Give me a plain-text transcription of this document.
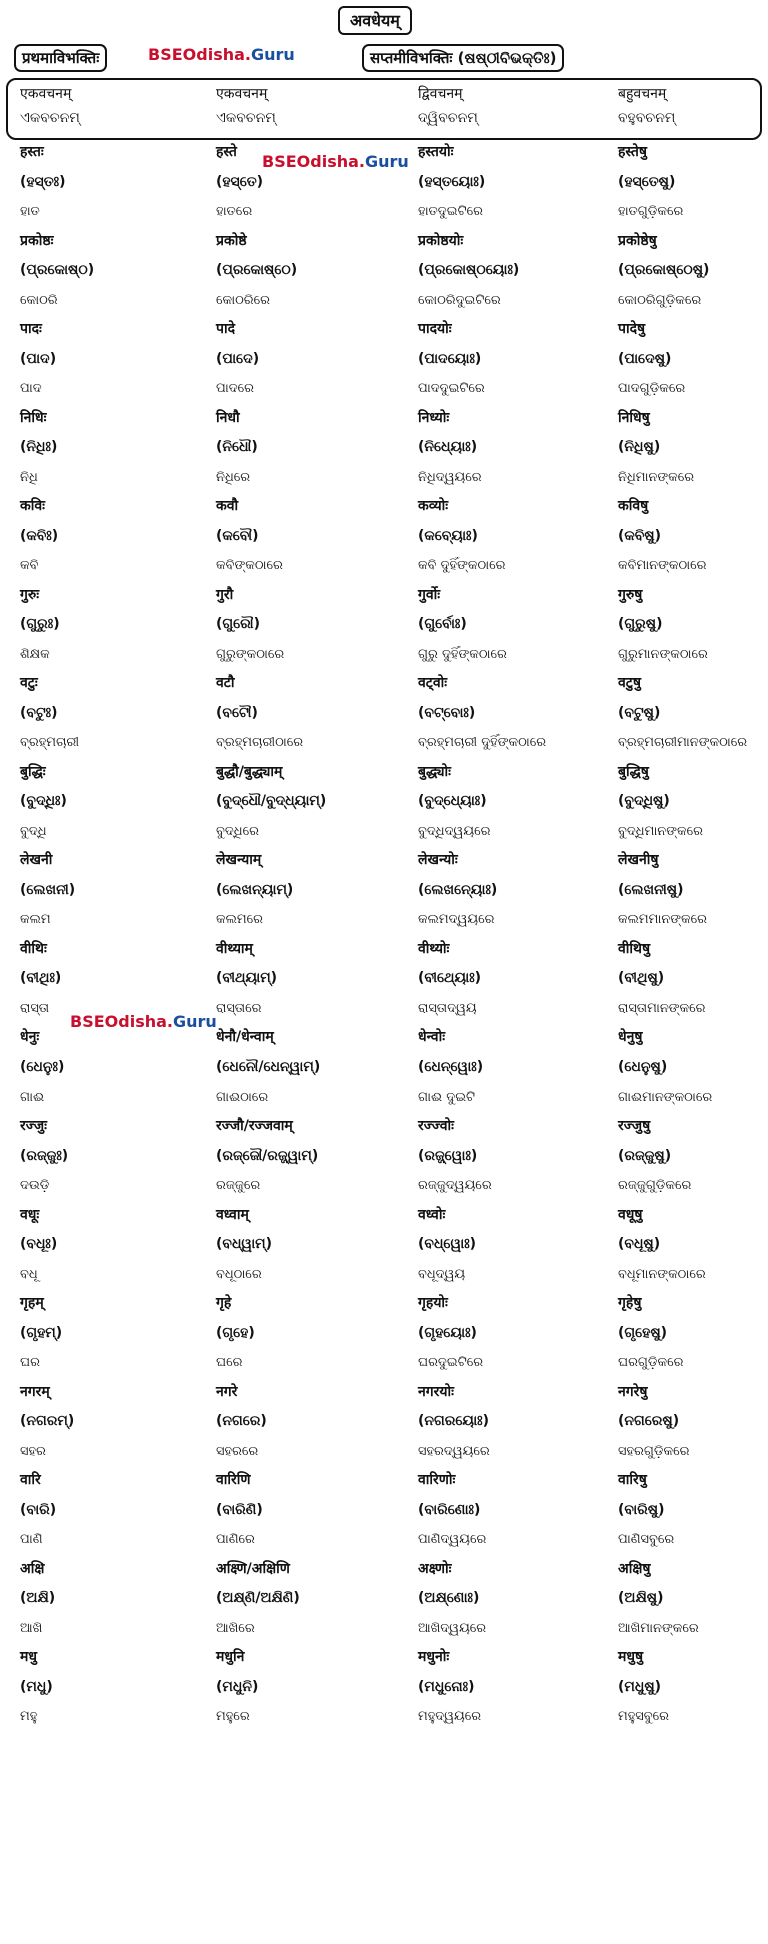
अवधेयम्
प्रथमाविभक्तिः	BSEOdisha.Guru	सप्तमीविभक्तिः (ଷଷ୍ଠୀବିଭକ୍ତିଃ)
एकवचनम्	एकवचनम्	द्विवचनम्	बहुवचनम्
ଏକବଚନମ୍	ଏକବଚନମ୍	ଦ୍ୱିବଚନମ୍	ବହୁବଚନମ୍
BSEOdisha.Guru
BSEOdisha.Guru
हस्तः	हस्ते	हस्तयोः	हस्तेषु
(ହସ୍ତଃ)	(ହସ୍ତେ)	(ହସ୍ତୟୋଃ)	(ହସ୍ତେଷୁ)
ହାତ	ହାତରେ	ହାତଦୁଇଟିରେ	ହାତଗୁଡ଼ିକରେ
प्रकोष्ठः	प्रकोष्ठे	प्रकोष्ठयोः	प्रकोष्ठेषु
(ପ୍ରକୋଷ୍ଠ)	(ପ୍ରକୋଷ୍ଠେ)	(ପ୍ରକୋଷ୍ଠୟୋଃ)	(ପ୍ରକୋଷ୍ଠେଷୁ)
କୋଠରି	କୋଠରିରେ	କୋଠରିଦୁଇଟିରେ	କୋଠରିଗୁଡ଼ିକରେ
पादः	पादे	पादयोः	पादेषु
(ପାଦ)	(ପାଦେ)	(ପାଦୟୋଃ)	(ପାଦେଷୁ)
ପାଦ	ପାଦରେ	ପାଦଦୁଇଟିରେ	ପାଦଗୁଡ଼ିକରେ
निधिः	निधौ	निध्योः	निधिषु
(ନିଧିଃ)	(ନିଧୌ)	(ନିଧ୍ୟୋଃ)	(ନିଧିଷୁ)
ନିଧି	ନିଧିରେ	ନିଧିଦ୍ୱୟରେ	ନିଧିମାନଙ୍କରେ
कविः	कवौ	कव्योः	कविषु
(କବିଃ)	(କବୌ)	(କବ୍ୟୋଃ)	(କବିଷୁ)
କବି	କବିଙ୍କଠାରେ	କବି ଦୁହିଁଙ୍କଠାରେ	କବିମାନଙ୍କଠାରେ
गुरुः	गुरौ	गुर्वोः	गुरुषु
(ଗୁରୁଃ)	(ଗୁରୌ)	(ଗୁର୍ବୋଃ)	(ଗୁରୁଷୁ)
ଶିକ୍ଷକ	ଗୁରୁଙ୍କଠାରେ	ଗୁରୁ ଦୁହିଁଙ୍କଠାରେ	ଗୁରୁମାନଙ୍କଠାରେ
वटुः	वटौ	वट्वोः	वटुषु
(ବଟୁଃ)	(ବଟୌ)	(ବଟ୍ବୋଃ)	(ବଟୁଷୁ)
ବ୍ରହ୍ମଚାରୀ	ବ୍ରହ୍ମଚାରୀଠାରେ	ବ୍ରହ୍ମଚାରୀ ଦୁହିଁଙ୍କଠାରେ	ବ୍ରହ୍ମଚାରୀମାନଙ୍କଠାରେ
बुद्धिः	बुद्धौ/बुद्ध्याम्	बुद्ध्योः	बुद्धिषु
(ବୁଦ୍ଧିଃ)	(ବୁଦ୍ଧୌ/ବୁଦ୍ଧ୍ୟାମ୍)	(ବୁଦ୍ଧ୍ୟୋଃ)	(ବୁଦ୍ଧିଷୁ)
ବୁଦ୍ଧି	ବୁଦ୍ଧିରେ	ବୁଦ୍ଧିଦ୍ୱୟରେ	ବୁଦ୍ଧିମାନଙ୍କରେ
लेखनी	लेखन्याम्	लेखन्योः	लेखनीषु
(ଲେଖନୀ)	(ଲେଖନ୍ୟାମ୍)	(ଲେଖନ୍ୟୋଃ)	(ଲେଖନୀଷୁ)
କଲମ	କଲମରେ	କଲମଦ୍ୱୟରେ	କଲମମାନଙ୍କରେ
वीथिः	वीथ्याम्	वीथ्योः	वीथिषु
(ବୀଥିଃ)	(ବୀଥ୍ୟାମ୍)	(ବୀଥ୍ୟୋଃ)	(ବୀଥିଷୁ)
ରାସ୍ତା	ରାସ୍ତାରେ	ରାସ୍ତାଦ୍ୱୟ	ରାସ୍ତାମାନଙ୍କରେ
धेनुः	धेनौ/धेन्वाम्	धेन्वोः	धेनुषु
(ଧେନୁଃ)	(ଧେନୌ/ଧେନ୍ୱାମ୍)	(ଧେନ୍ୱୋଃ)	(ଧେନୁଷୁ)
ଗାଈ	ଗାଈଠାରେ	ଗାଈ ଦୁଇଟି	ଗାଈମାନଙ୍କଠାରେ
रज्जुः	रज्जौ/रज्जवाम्	रज्ज्वोः	रज्जुषु
(ରଜ୍ଜୁଃ)	(ରଜ୍ଜୌ/ରଜ୍ଜ୍ୱାମ୍)	(ରଜ୍ଜ୍ୱୋଃ)	(ରଜ୍ଜୁଷୁ)
ଦଉଡ଼ି	ରଜ୍ଜୁରେ	ରଜ୍ଜୁଦ୍ୱୟରେ	ରଜ୍ଜୁଗୁଡ଼ିକରେ
वधूः	वध्वाम्	वध्वोः	वधूषु
(ବଧୂଃ)	(ବଧ୍ୱାମ୍)	(ବଧ୍ୱୋଃ)	(ବଧୂଷୁ)
ବଧୂ	ବଧୂଠାରେ	ବଧୂଦ୍ୱୟ	ବଧୂମାନଙ୍କଠାରେ
गृहम्	गृहे	गृहयोः	गृहेषु
(ଗୃହମ୍)	(ଗୃହେ)	(ଗୃହୟୋଃ)	(ଗୃହେଷୁ)
ଘର	ଘରେ	ଘରଦୁଇଟିରେ	ଘରଗୁଡ଼ିକରେ
नगरम्	नगरे	नगरयोः	नगरेषु
(ନଗରମ୍)	(ନଗରେ)	(ନଗରୟୋଃ)	(ନଗରେଷୁ)
ସହର	ସହରରେ	ସହରଦ୍ୱୟରେ	ସହରଗୁଡ଼ିକରେ
वारि	वारिणि	वारिणोः	वारिषु
(ବାରି)	(ବାରିଣି)	(ବାରିଣୋଃ)	(ବାରିଷୁ)
ପାଣି	ପାଣିରେ	ପାଣିଦ୍ୱୟରେ	ପାଣିସବୁରେ
अक्षि	अक्ष्णि/अक्षिणि	अक्ष्णोः	अक्षिषु
(ଅକ୍ଷି)	(ଅକ୍ଷ୍ଣି/ଅକ୍ଷିଣି)	(ଅକ୍ଷ୍ଣୋଃ)	(ଅକ୍ଷିଷୁ)
ଆଖି	ଆଖିରେ	ଆଖିଦ୍ୱୟରେ	ଆଖିମାନଙ୍କରେ
मधु	मधुनि	मधुनोः	मधुषु
(ମଧୁ)	(ମଧୁନି)	(ମଧୁନୋଃ)	(ମଧୁଷୁ)
ମହୁ	ମହୁରେ	ମହୁଦ୍ୱୟରେ	ମହୁସବୁରେ
